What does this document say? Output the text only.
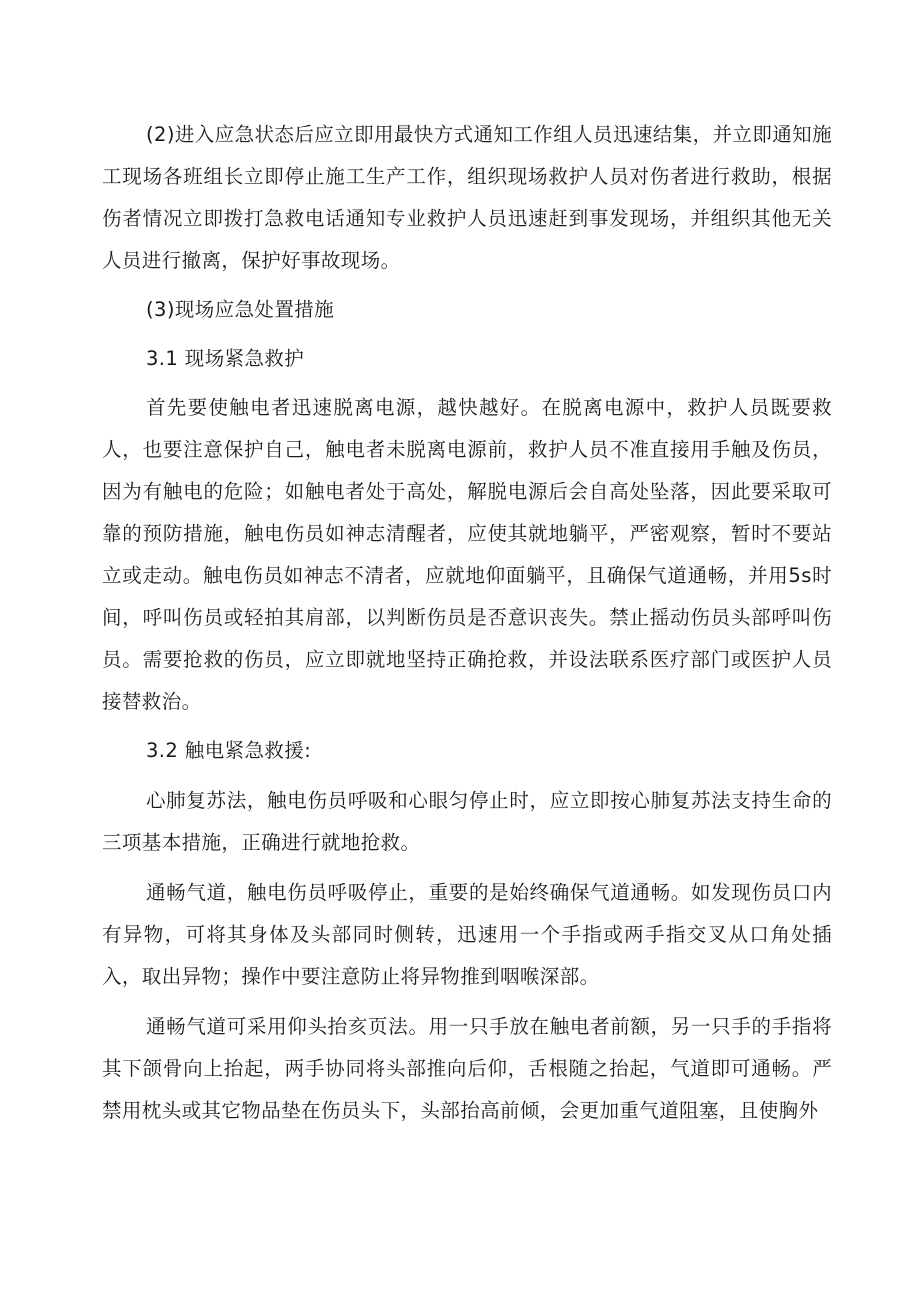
(2)进入应急状态后应立即用最快方式通知工作组人员迅速结集，并立即通知施工现场各班组长立即停止施工生产工作，组织现场救护人员对伤者进行救助，根据伤者情况立即拨打急救电话通知专业救护人员迅速赶到事发现场，并组织其他无关人员进行撤离，保护好事故现场。

(3)现场应急处置措施

3.1 现场紧急救护

首先要使触电者迅速脱离电源，越快越好。在脱离电源中，救护人员既要救人，也要注意保护自己，触电者未脱离电源前，救护人员不准直接用手触及伤员，因为有触电的危险；如触电者处于高处，解脱电源后会自高处坠落，因此要采取可靠的预防措施，触电伤员如神志清醒者，应使其就地躺平，严密观察，暂时不要站立或走动。触电伤员如神志不清者，应就地仰面躺平，且确保气道通畅，并用5s时间，呼叫伤员或轻拍其肩部，以判断伤员是否意识丧失。禁止摇动伤员头部呼叫伤员。需要抢救的伤员，应立即就地坚持正确抢救，并设法联系医疗部门或医护人员接替救治。

3.2 触电紧急救援:

心肺复苏法，触电伤员呼吸和心眼匀停止时，应立即按心肺复苏法支持生命的三项基本措施，正确进行就地抢救。

通畅气道，触电伤员呼吸停止，重要的是始终确保气道通畅。如发现伤员口内有异物，可将其身体及头部同时侧转，迅速用一个手指或两手指交叉从口角处插入，取出异物；操作中要注意防止将异物推到咽喉深部。

通畅气道可采用仰头抬亥页法。用一只手放在触电者前额，另一只手的手指将其下颌骨向上抬起，两手协同将头部推向后仰，舌根随之抬起，气道即可通畅。严禁用枕头或其它物品垫在伤员头下，头部抬高前倾，会更加重气道阻塞，且使胸外
